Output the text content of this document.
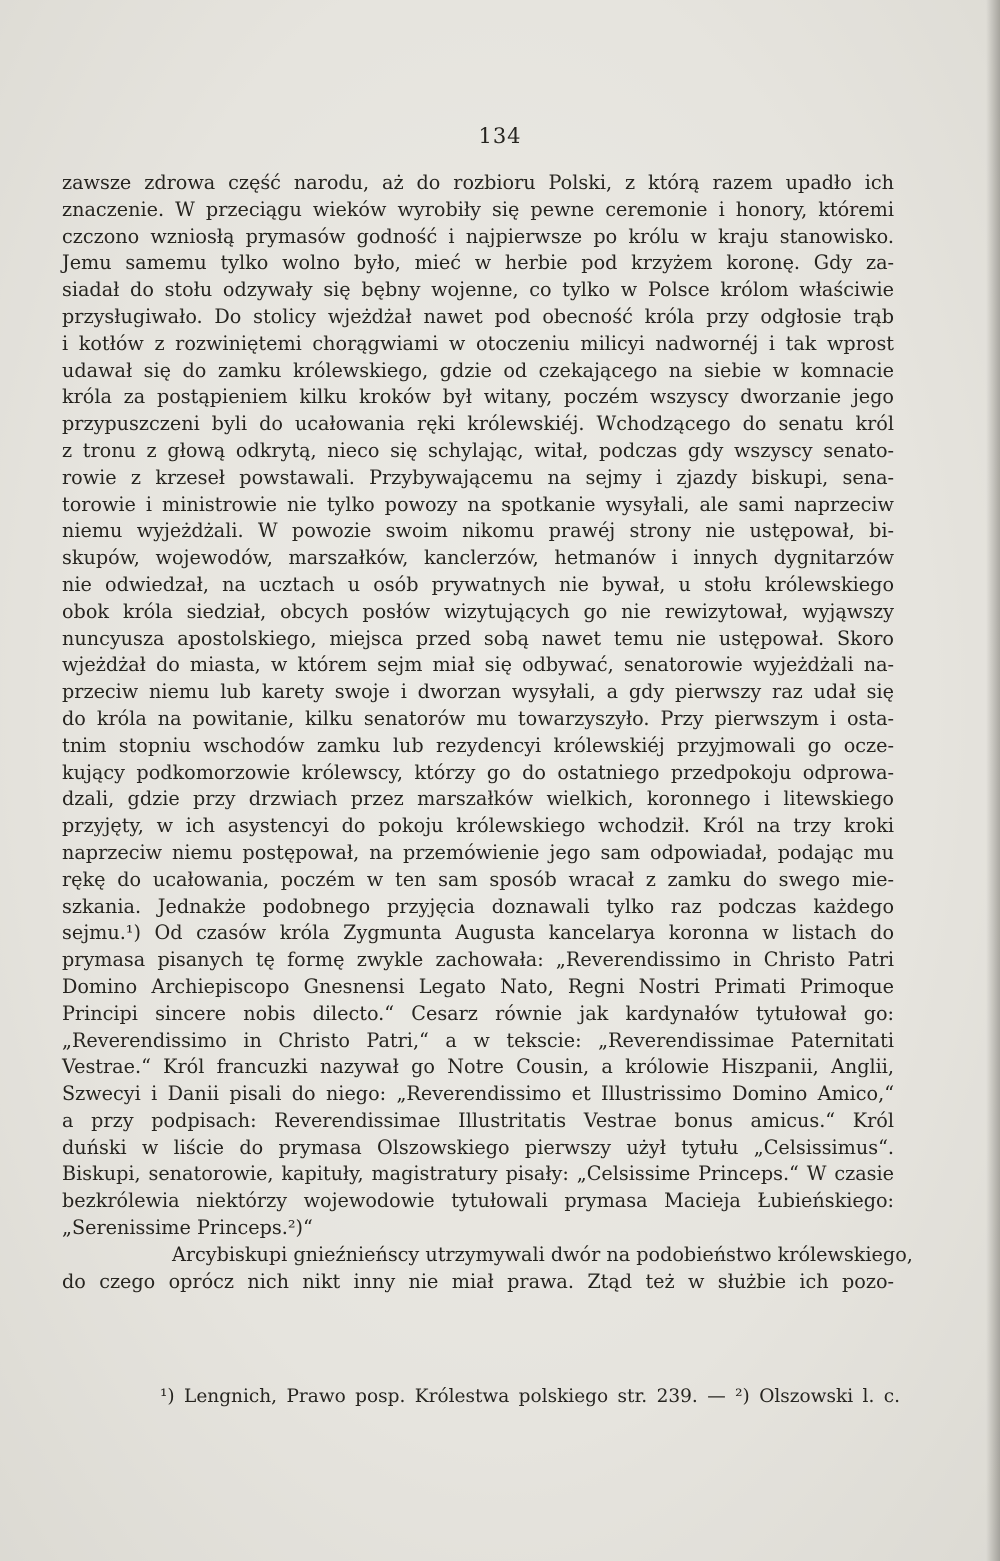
134
zawsze zdrowa część narodu, aż do rozbioru Polski, z którą razem upadło ich
znaczenie. W przeciągu wieków wyrobiły się pewne ceremonie i honory, któremi
czczono wzniosłą prymasów godność i najpierwsze po królu w kraju stanowisko.
Jemu samemu tylko wolno było, mieć w herbie pod krzyżem koronę. Gdy za-
siadał do stołu odzywały się bębny wojenne, co tylko w Polsce królom właściwie
przysługiwało. Do stolicy wjeżdżał nawet pod obecność króla przy odgłosie trąb
i kotłów z rozwiniętemi chorągwiami w otoczeniu milicyi nadwornéj i tak wprost
udawał się do zamku królewskiego, gdzie od czekającego na siebie w komnacie
króla za postąpieniem kilku kroków był witany, poczém wszyscy dworzanie jego
przypuszczeni byli do ucałowania ręki królewskiéj. Wchodzącego do senatu król
z tronu z głową odkrytą, nieco się schylając, witał, podczas gdy wszyscy senato-
rowie z krzeseł powstawali. Przybywającemu na sejmy i zjazdy biskupi, sena-
torowie i ministrowie nie tylko powozy na spotkanie wysyłali, ale sami naprzeciw
niemu wyjeżdżali. W powozie swoim nikomu prawéj strony nie ustępował, bi-
skupów, wojewodów, marszałków, kanclerzów, hetmanów i innych dygnitarzów
nie odwiedzał, na ucztach u osób prywatnych nie bywał, u stołu królewskiego
obok króla siedział, obcych posłów wizytujących go nie rewizytował, wyjąwszy
nuncyusza apostolskiego, miejsca przed sobą nawet temu nie ustępował. Skoro
wjeżdżał do miasta, w którem sejm miał się odbywać, senatorowie wyjeżdżali na-
przeciw niemu lub karety swoje i dworzan wysyłali, a gdy pierwszy raz udał się
do króla na powitanie, kilku senatorów mu towarzyszyło. Przy pierwszym i osta-
tnim stopniu wschodów zamku lub rezydencyi królewskiéj przyjmowali go ocze-
kujący podkomorzowie królewscy, którzy go do ostatniego przedpokoju odprowa-
dzali, gdzie przy drzwiach przez marszałków wielkich, koronnego i litewskiego
przyjęty, w ich asystencyi do pokoju królewskiego wchodził. Król na trzy kroki
naprzeciw niemu postępował, na przemówienie jego sam odpowiadał, podając mu
rękę do ucałowania, poczém w ten sam sposób wracał z zamku do swego mie-
szkania. Jednakże podobnego przyjęcia doznawali tylko raz podczas każdego
sejmu.¹) Od czasów króla Zygmunta Augusta kancelarya koronna w listach do
prymasa pisanych tę formę zwykle zachowała: „Reverendissimo in Christo Patri
Domino Archiepiscopo Gnesnensi Legato Nato, Regni Nostri Primati Primoque
Principi sincere nobis dilecto.“ Cesarz równie jak kardynałów tytułował go:
„Reverendissimo in Christo Patri,“ a w tekscie: „Reverendissimae Paternitati
Vestrae.“ Król francuzki nazywał go Notre Cousin, a królowie Hiszpanii, Anglii,
Szwecyi i Danii pisali do niego: „Reverendissimo et Illustrissimo Domino Amico,“
a przy podpisach: Reverendissimae Illustritatis Vestrae bonus amicus.“ Król
duński w liście do prymasa Olszowskiego pierwszy użył tytułu „Celsissimus“.
Biskupi, senatorowie, kapituły, magistratury pisały: „Celsissime Princeps.“ W czasie
bezkrólewia niektórzy wojewodowie tytułowali prymasa Macieja Łubieńskiego:
„Serenissime Princeps.²)“
Arcybiskupi gnieźnieńscy utrzymywali dwór na podobieństwo królewskiego,
do czego oprócz nich nikt inny nie miał prawa. Ztąd też w służbie ich pozo-
¹) Lengnich, Prawo posp. Królestwa polskiego str. 239. — ²) Olszowski l. c.
